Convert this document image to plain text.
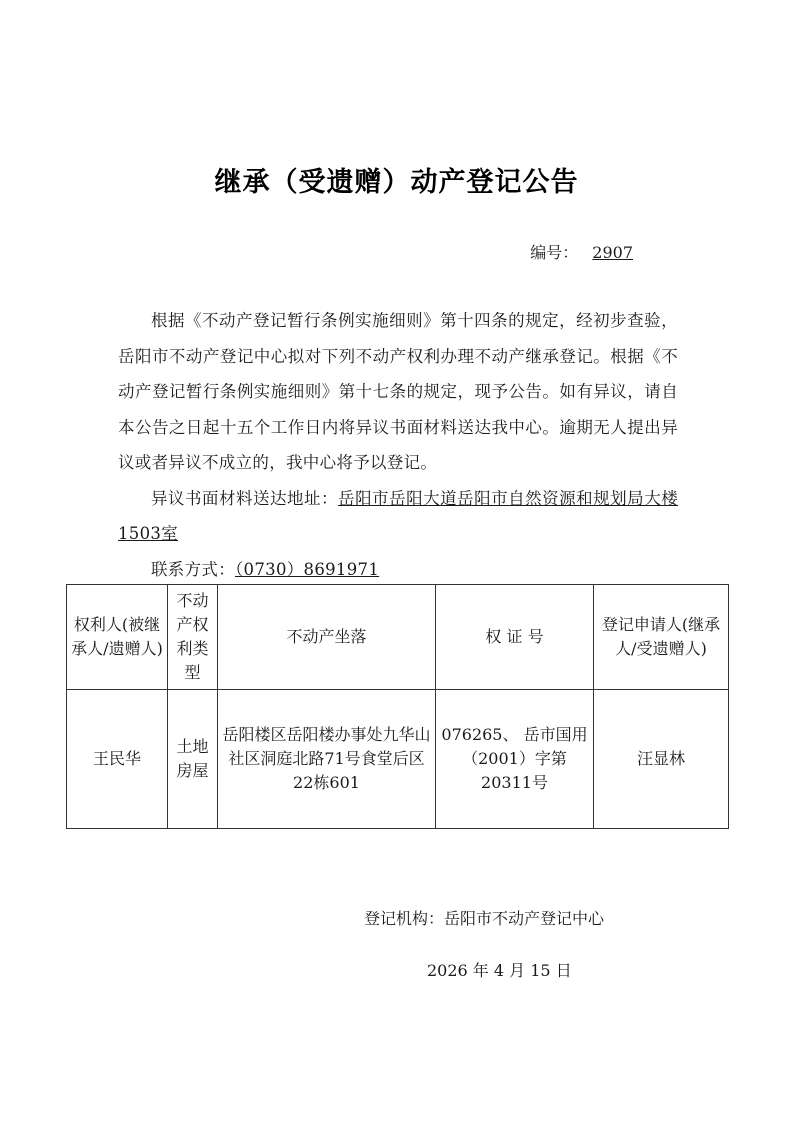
继承（受遗赠）动产登记公告
编号： 2907

根据《不动产登记暂行条例实施细则》第十四条的规定，经初步查验，岳阳市不动产登记中心拟对下列不动产权利办理不动产继承登记。根据《不动产登记暂行条例实施细则》第十七条的规定，现予公告。如有异议，请自本公告之日起十五个工作日内将异议书面材料送达我中心。逾期无人提出异议或者异议不成立的，我中心将予以登记。

异议书面材料送达地址：岳阳市岳阳大道岳阳市自然资源和规划局大楼1503室

联系方式：（0730）8691971

权利人(被继承人/遗赠人)	不动产权利类型	不动产坐落	权 证 号	登记申请人(继承人/受遗赠人)
王民华	土地房屋	岳阳楼区岳阳楼办事处九华山社区洞庭北路71号食堂后区22栋601	076265、 岳市国用（2001）字第20311号	汪显林
登记机构：岳阳市不动产登记中心
2026 年 4 月 15 日
